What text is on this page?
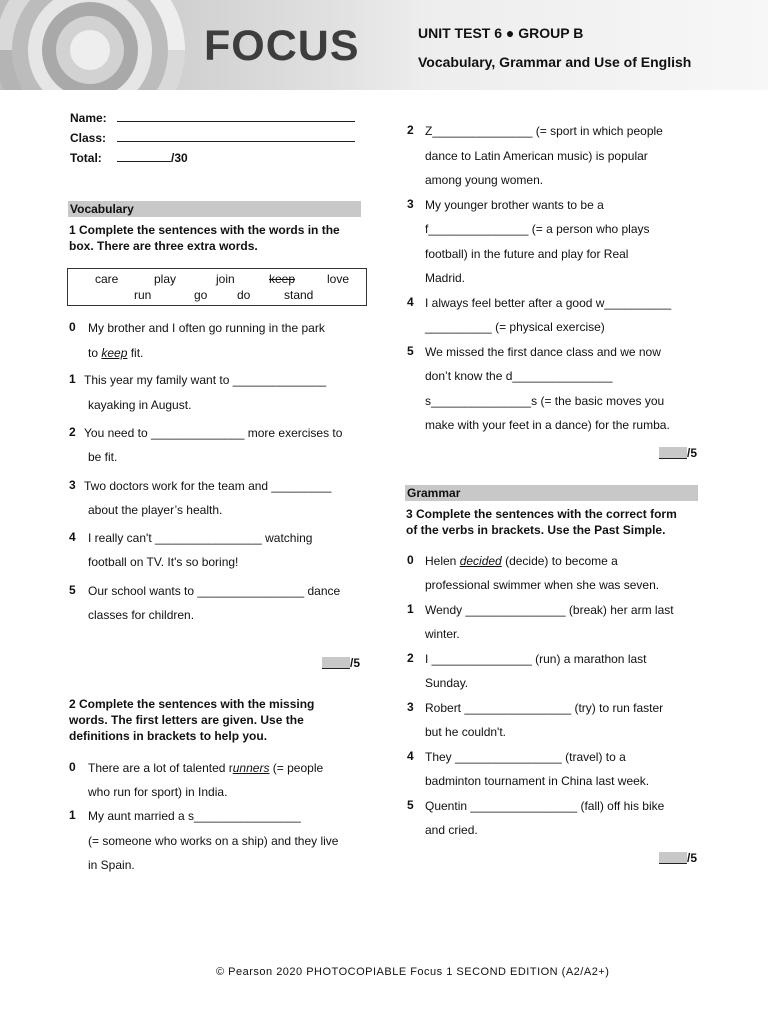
FOCUS	UNIT TEST 6 ● GROUP B
Vocabulary, Grammar and Use of English
Name:
Class:
Total:	/30
Vocabulary
1 Complete the sentences with the words in the
box. There are three extra words.
care	play	join	keep	love
run	go do	stand
0 My brother and I often go running in the park
to keep fit.
1 This year my family want to ______________
kayaking in August.
2 You need to ______________ more exercises to
be fit.
3 Two doctors work for the team and _________
about the player’s health.
4 I really can't ________________ watching
football on TV. It's so boring!
5 Our school wants to ________________ dance
classes for children.
/5
2 Complete the sentences with the missing
words. The first letters are given. Use the
definitions in brackets to help you.
0 There are a lot of talented runners (= people
who run for sport) in India.
1 My aunt married a s________________
(= someone who works on a ship) and they live
in Spain.
2 Z_______________ (= sport in which people
dance to Latin American music) is popular
among young women.
3 My younger brother wants to be a
f_______________ (= a person who plays
football) in the future and play for Real
Madrid.
4 I always feel better after a good w__________
__________ (= physical exercise)
5 We missed the first dance class and we now
don’t know the d_______________
s_______________s (= the basic moves you
make with your feet in a dance) for the rumba.
/5
Grammar
3 Complete the sentences with the correct form
of the verbs in brackets. Use the Past Simple.
0 Helen decided (decide) to become a
professional swimmer when she was seven.
1 Wendy _______________ (break) her arm last
winter.
2 I _______________ (run) a marathon last
Sunday.
3 Robert ________________ (try) to run faster
but he couldn't.
4 They ________________ (travel) to a
badminton tournament in China last week.
5 Quentin ________________ (fall) off his bike
and cried.
/5
© Pearson 2020 PHOTOCOPIABLE Focus 1 SECOND EDITION (A2/A2+)
